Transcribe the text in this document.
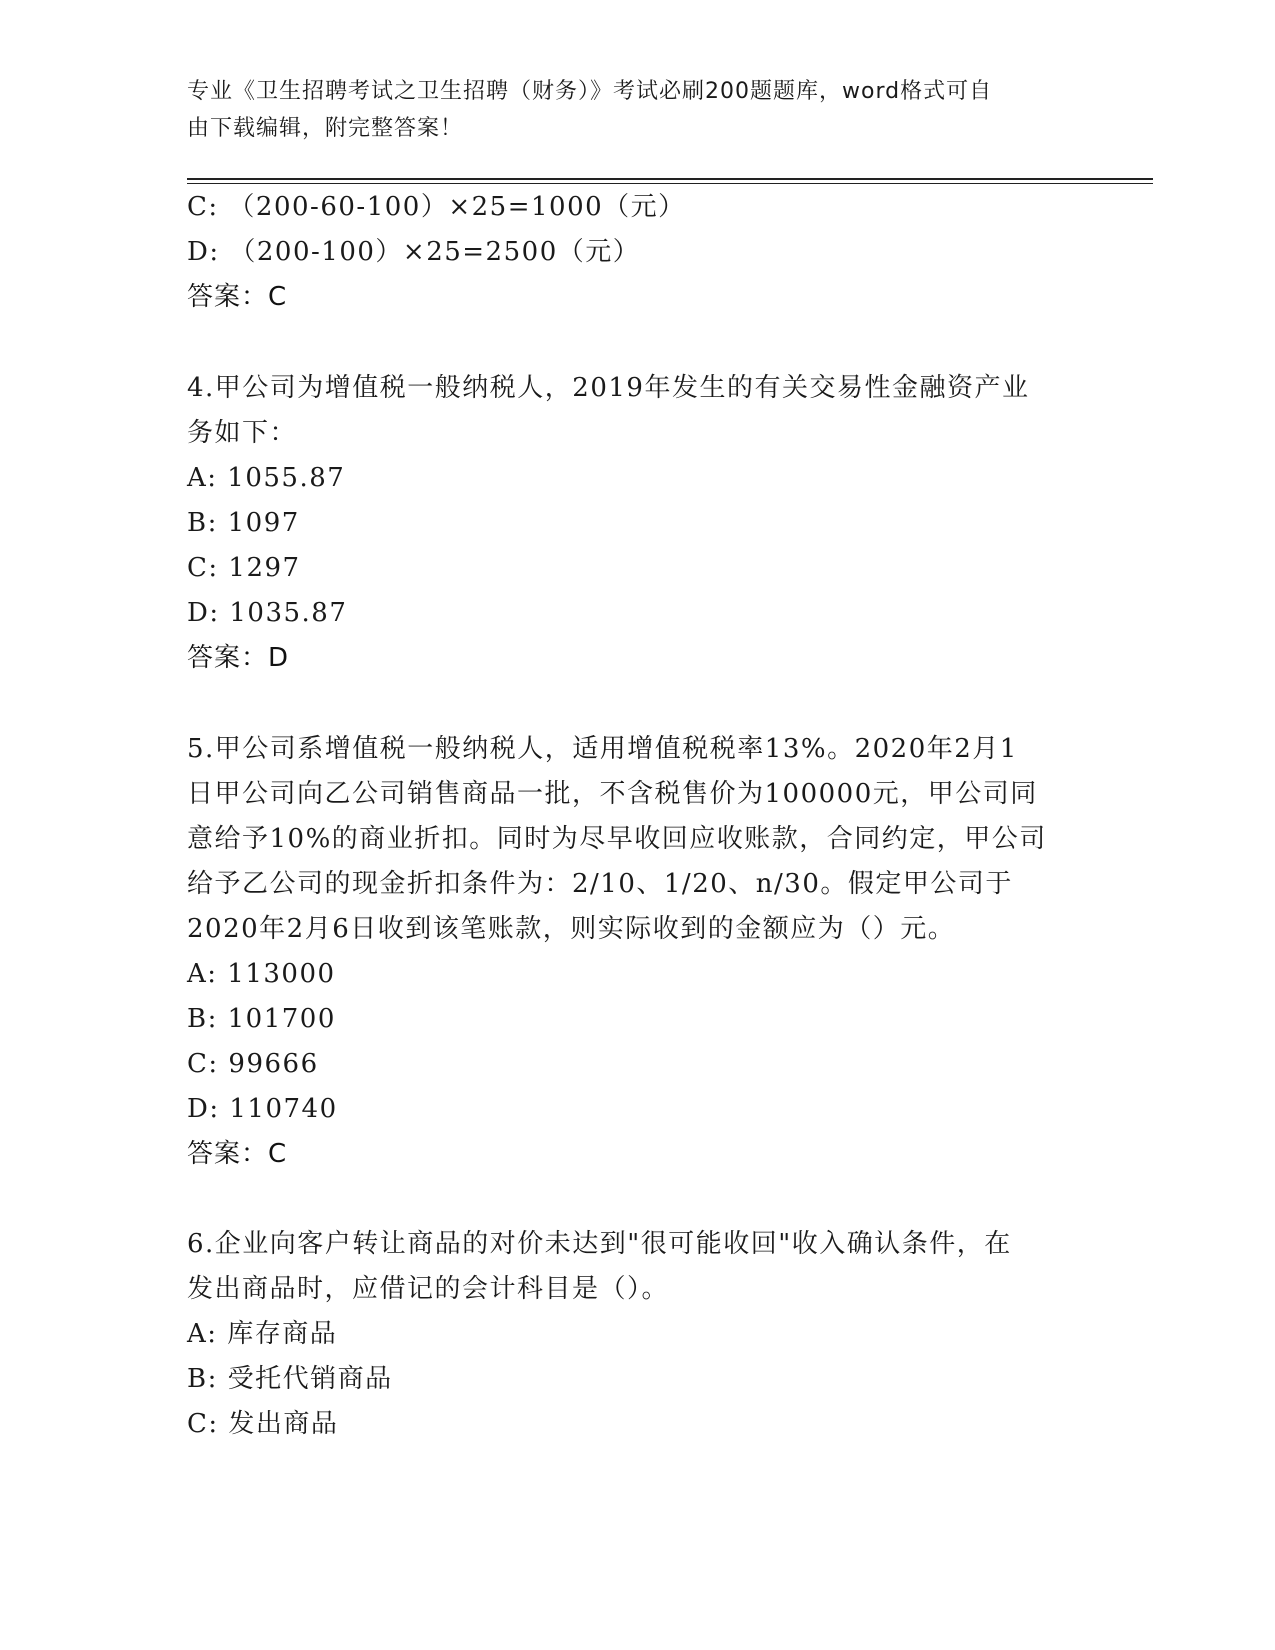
专业《卫生招聘考试之卫生招聘（财务）》考试必刷200题题库，word格式可自
由下载编辑，附完整答案！
C: （200-60-100）×25=1000（元）
D: （200-100）×25=2500（元）
答案：C
4.甲公司为增值税一般纳税人，2019年发生的有关交易性金融资产业
务如下：
A: 1055.87
B: 1097
C: 1297
D: 1035.87
答案：D
5.甲公司系增值税一般纳税人，适用增值税税率13%。2020年2月1
日甲公司向乙公司销售商品一批，不含税售价为100000元，甲公司同
意给予10%的商业折扣。同时为尽早收回应收账款，合同约定，甲公司
给予乙公司的现金折扣条件为：2/10、1/20、n/30。假定甲公司于
2020年2月6日收到该笔账款，则实际收到的金额应为（）元。
A: 113000
B: 101700
C: 99666
D: 110740
答案：C
6.企业向客户转让商品的对价未达到"很可能收回"收入确认条件，在
发出商品时，应借记的会计科目是（）。
A: 库存商品
B: 受托代销商品
C: 发出商品
